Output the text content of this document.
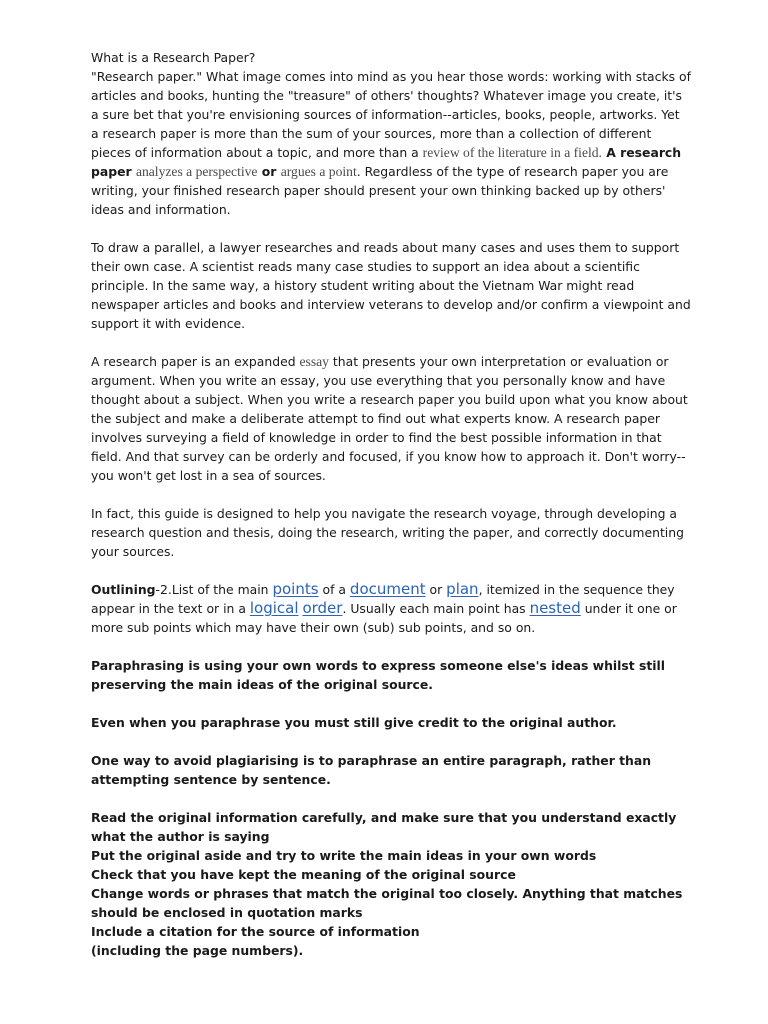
What is a Research Paper?
"Research paper." What image comes into mind as you hear those words: working with stacks of articles and books, hunting the "treasure" of others' thoughts? Whatever image you create, it's a sure bet that you're envisioning sources of information--articles, books, people, artworks. Yet a research paper is more than the sum of your sources, more than a collection of different pieces of information about a topic, and more than a review of the literature in a field. A research paper analyzes a perspective or argues a point. Regardless of the type of research paper you are writing, your finished research paper should present your own thinking backed up by others' ideas and information.

To draw a parallel, a lawyer researches and reads about many cases and uses them to support their own case. A scientist reads many case studies to support an idea about a scientific principle. In the same way, a history student writing about the Vietnam War might read newspaper articles and books and interview veterans to develop and/or confirm a viewpoint and support it with evidence.

A research paper is an expanded essay that presents your own interpretation or evaluation or argument. When you write an essay, you use everything that you personally know and have thought about a subject. When you write a research paper you build upon what you know about the subject and make a deliberate attempt to find out what experts know. A research paper involves surveying a field of knowledge in order to find the best possible information in that field. And that survey can be orderly and focused, if you know how to approach it. Don't worry--you won't get lost in a sea of sources.

In fact, this guide is designed to help you navigate the research voyage, through developing a research question and thesis, doing the research, writing the paper, and correctly documenting your sources.

Outlining-2.List of the main points of a document or plan, itemized in the sequence they appear in the text or in a logical order. Usually each main point has nested under it one or more sub points which may have their own (sub) sub points, and so on.

Paraphrasing is using your own words to express someone else's ideas whilst still preserving the main ideas of the original source.

Even when you paraphrase you must still give credit to the original author.

One way to avoid plagiarising is to paraphrase an entire paragraph, rather than attempting sentence by sentence.

Read the original information carefully, and make sure that you understand exactly what the author is saying

Put the original aside and try to write the main ideas in your own words

Check that you have kept the meaning of the original source

Change words or phrases that match the original too closely. Anything that matches should be enclosed in quotation marks

Include a citation for the source of information

(including the page numbers).
